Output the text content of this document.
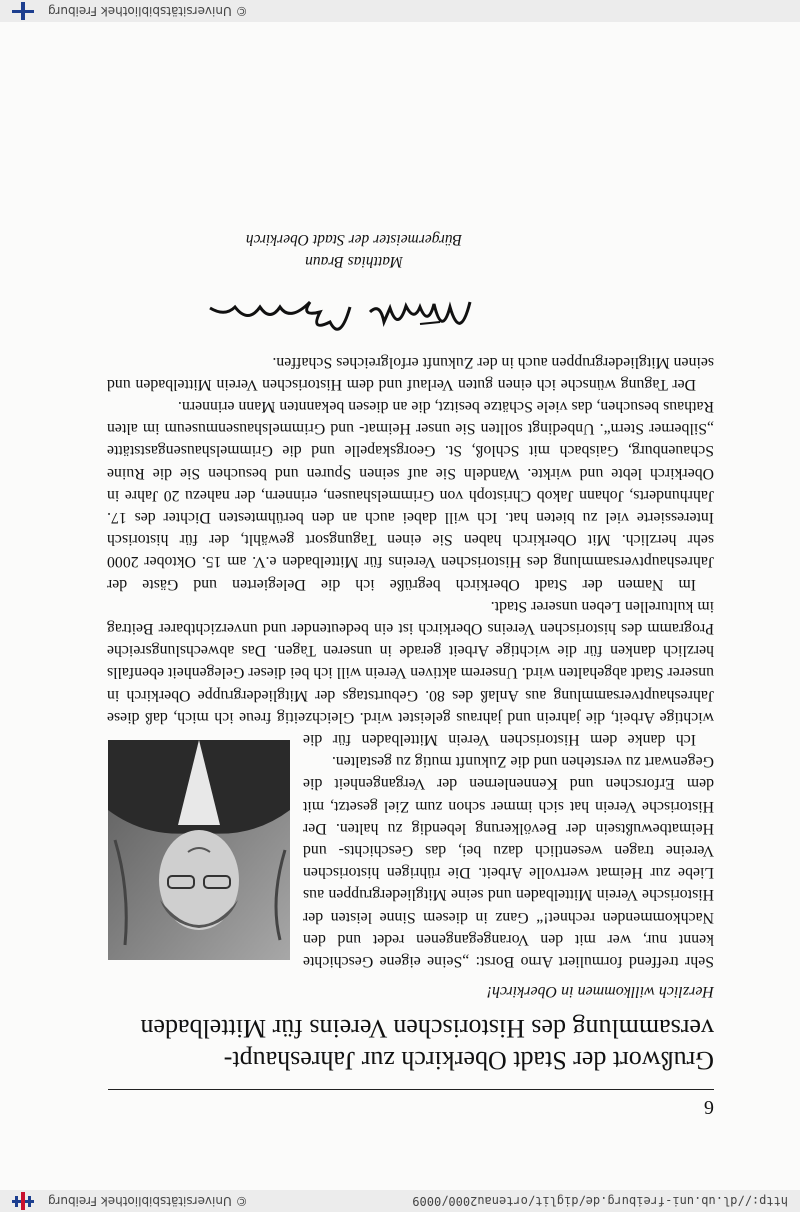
http://dl.ub.uni-freiburg.de/diglit/ortenau2000/0009
© Universitätsbibliothek Freiburg
6
Grußwort der Stadt Oberkirch zur Jahreshaupt-versammlung des Historischen Vereins für Mittelbaden

Herzlich willkommen in Oberkirch!

Sehr treffend formuliert Arno Borst: „Seine eigene Geschichte kennt nur, wer mit den Vorangegangenen redet und den Nachkommenden rechnet!“ Ganz in diesem Sinne leisten der Historische Verein Mittelbaden und seine Mitgliedergruppen aus Liebe zur Heimat wertvolle Arbeit. Die rührigen historischen Vereine tragen wesentlich dazu bei, das Geschichts- und Heimatbewußtsein der Bevölkerung lebendig zu halten. Der Historische Verein hat sich immer schon zum Ziel gesetzt, mit dem Erforschen und Kennenlernen der Vergangenheit die Gegenwart zu verstehen und die Zukunft mutig zu gestalten.

Ich danke dem Historischen Verein Mittelbaden für die wichtige Arbeit, die jahrein und jahraus geleistet wird. Gleichzeitig freue ich mich, daß diese Jahreshauptversammlung aus Anlaß des 80. Geburtstags der Mitgliedergruppe Oberkirch in unserer Stadt abgehalten wird. Unserem aktiven Verein will ich bei dieser Gelegenheit ebenfalls herzlich danken für die wichtige Arbeit gerade in unseren Tagen. Das abwechslungsreiche Programm des historischen Vereins Oberkirch ist ein bedeutender und unverzichtbarer Beitrag im kulturellen Leben unserer Stadt.

Im Namen der Stadt Oberkirch begrüße ich die Delegierten und Gäste der Jahreshauptversammlung des Historischen Vereins für Mittelbaden e.V. am 15. Oktober 2000 sehr herzlich. Mit Oberkirch haben Sie einen Tagungsort gewählt, der für historisch Interessierte viel zu bieten hat. Ich will dabei auch an den berühmtesten Dichter des 17. Jahrhunderts, Johann Jakob Christoph von Grimmelshausen, erinnern, der nahezu 20 Jahre in Oberkirch lebte und wirkte. Wandeln Sie auf seinen Spuren und besuchen Sie die Ruine Schauenburg, Gaisbach mit Schloß, St. Georgskapelle und die Grimmelshausengaststätte „Silberner Stern“. Unbedingt sollten Sie unser Heimat- und Grimmelshausenmuseum im alten Rathaus besuchen, das viele Schätze besitzt, die an diesen bekannten Mann erinnern.

Der Tagung wünsche ich einen guten Verlauf und dem Historischen Verein Mittelbaden und seinen Mitgliedergruppen auch in der Zukunft erfolgreiches Schaffen.

Matthias Braun
Bürgermeister der Stadt Oberkirch
© Universitätsbibliothek Freiburg
